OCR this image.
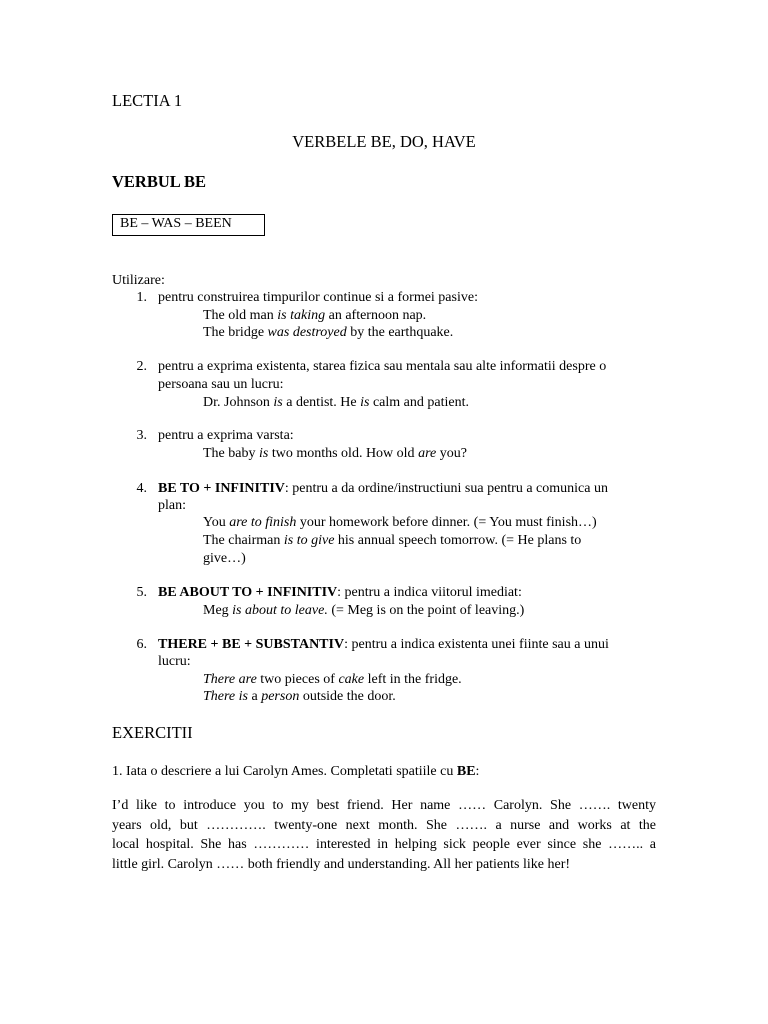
LECTIA 1
VERBELE BE, DO, HAVE
VERBUL BE
BE – WAS – BEEN
Utilizare:
1. pentru construirea timpurilor continue si a formei pasive:
The old man is taking an afternoon nap.
The bridge was destroyed by the earthquake.
2. pentru a exprima existenta, starea fizica sau mentala sau alte informatii despre o
persoana sau un lucru:
Dr. Johnson is a dentist. He is calm and patient.
3. pentru a exprima varsta:
The baby is two months old. How old are you?
4. BE TO + INFINITIV: pentru a da ordine/instructiuni sua pentru a comunica un
plan:
You are to finish your homework before dinner. (= You must finish…)
The chairman is to give his annual speech tomorrow. (= He plans to
give…)
5. BE ABOUT TO + INFINITIV: pentru a indica viitorul imediat:
Meg is about to leave. (= Meg is on the point of leaving.)
6. THERE + BE + SUBSTANTIV: pentru a indica existenta unei fiinte sau a unui
lucru:
There are two pieces of cake left in the fridge.
There is a person outside the door.
EXERCITII
1. Iata o descriere a lui Carolyn Ames. Completati spatiile cu BE:
I’d like to introduce you to my best friend. Her name …… Carolyn. She ……. twenty
years old, but …………. twenty-one next month. She ……. a nurse and works at the
local hospital. She has ………… interested in helping sick people ever since she …….. a
little girl. Carolyn …… both friendly and understanding. All her patients like her!
